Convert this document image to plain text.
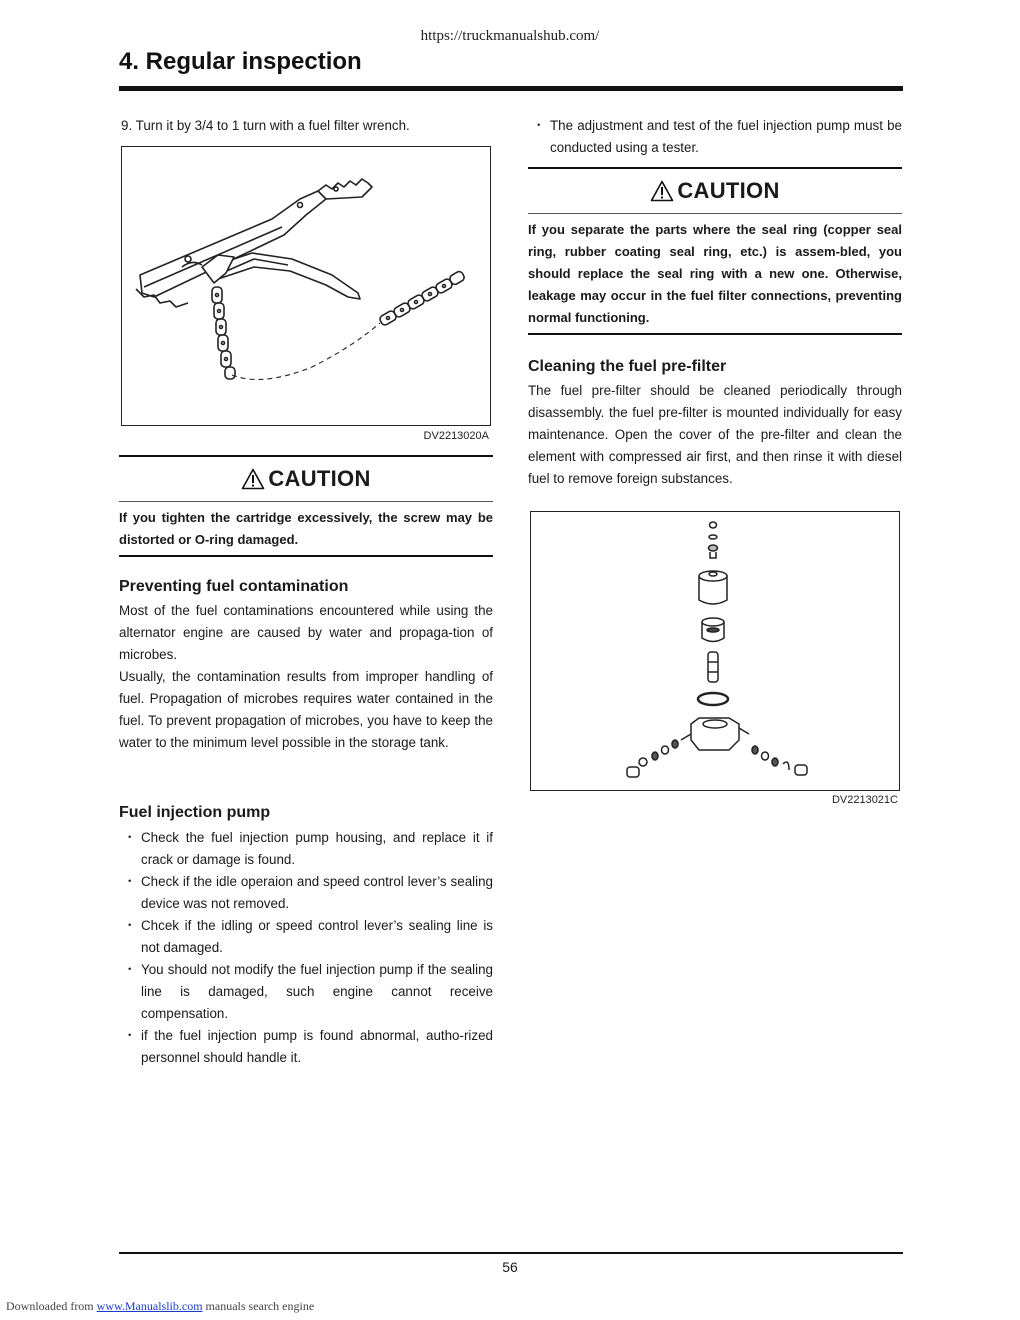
https://truckmanualshub.com/
4. Regular inspection

9. Turn it by 3/4 to 1 turn with a fuel filter wrench.

DV2213020A
CAUTION
If you tighten the cartridge excessively, the screw may be distorted or O-ring damaged.
Preventing fuel contamination

Most of the fuel contaminations encountered while using the alternator engine are caused by water and propaga-tion of microbes.

Usually, the contamination results from improper handling of fuel. Propagation of microbes requires water contained in the fuel. To prevent propagation of microbes, you have to keep the water to the minimum level possible in the storage tank.

Fuel injection pump
・ Check the fuel injection pump housing, and replace it if crack or damage is found.
・ Check if the idle operaion and speed control lever’s sealing device was not removed.
・ Chcek if the idling or speed control lever’s sealing line is not damaged.
・ You should not modify the fuel injection pump if the sealing line is damaged, such engine cannot receive compensation.
・ if the fuel injection pump is found abnormal, autho-rized personnel should handle it.
・ The adjustment and test of the fuel injection pump must be conducted using a tester.
CAUTION
If you separate the parts where the seal ring (copper seal ring, rubber coating seal ring, etc.) is assem-bled, you should replace the seal ring with a new one. Otherwise, leakage may occur in the fuel filter connections, preventing normal functioning.
Cleaning the fuel pre-filter

The fuel pre-filter should be cleaned periodically through disassembly. the fuel pre-filter is mounted individually for easy maintenance. Open the cover of the pre-filter and clean the element with compressed air first, and then rinse it with diesel fuel to remove foreign substances.

DV2213021C
56
Downloaded from www.Manualslib.com manuals search engine
